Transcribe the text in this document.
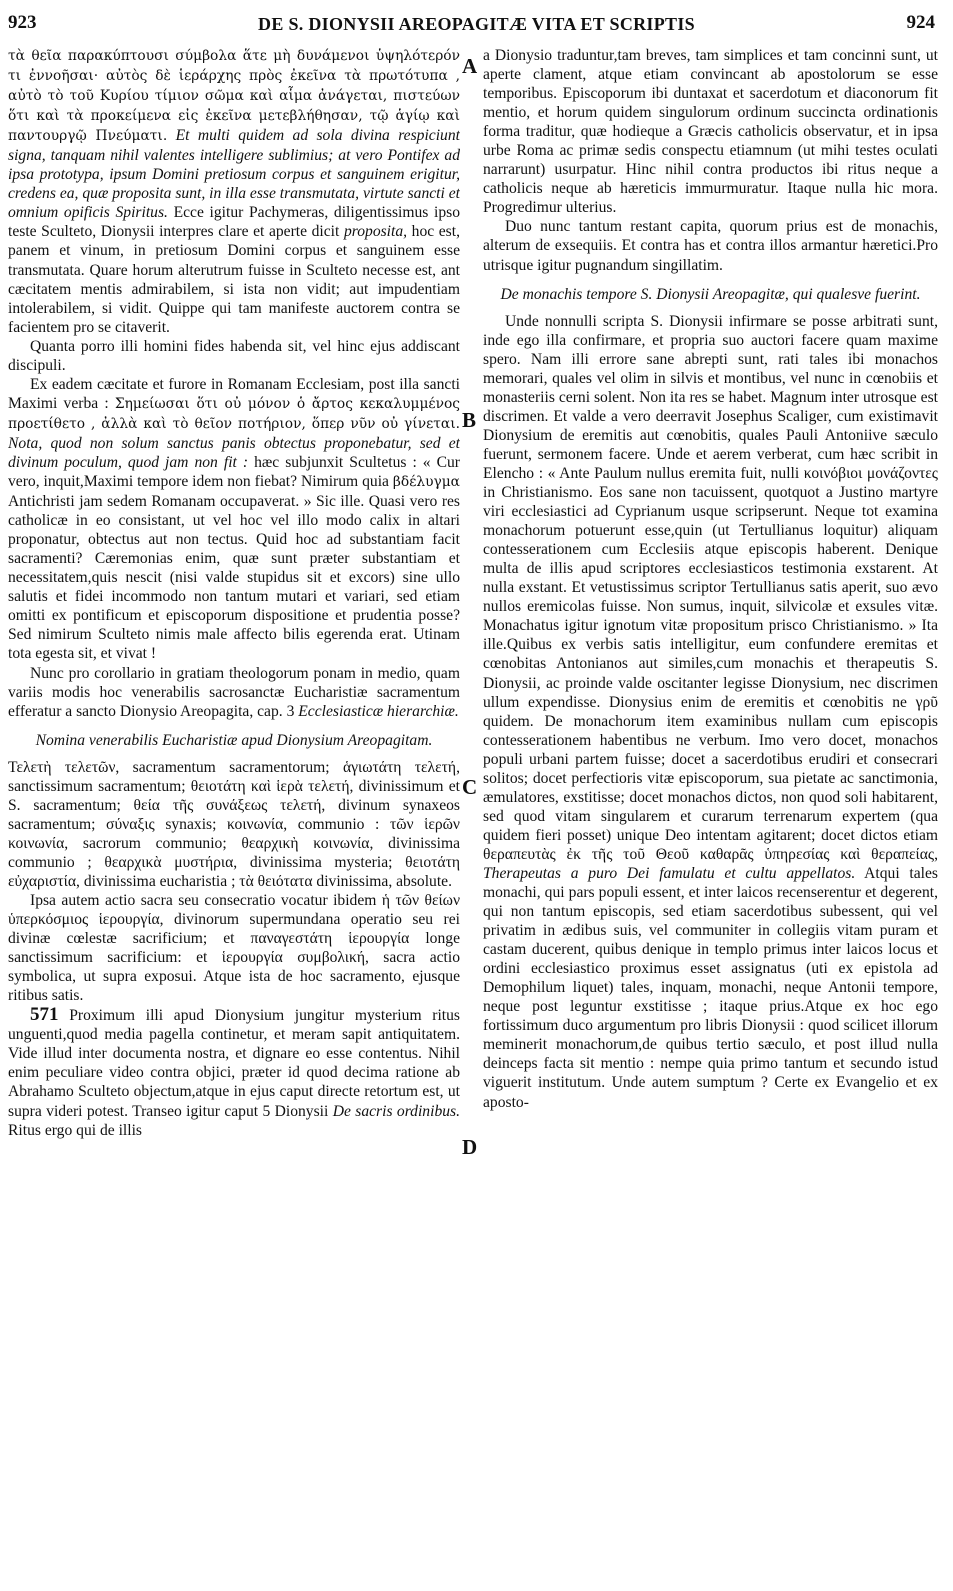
923	DE S. DIONYSII AREOPAGITÆ VITA ET SCRIPTIS	924

τὰ θεῖα παρακύπτουσι σύμβολα ἅτε μὴ δυνάμενοι ὑψηλότερόν τι ἐννοῆσαι· αὐτὸς δὲ ἱεράρχης πρὸς ἐκεῖνα τὰ πρωτότυπα , αὐτὸ τὸ τοῦ Κυρίου τίμιον σῶμα καὶ αἷμα ἀνάγεται, πιστεύων ὅτι καὶ τὰ προκείμενα εἰς ἐκεῖνα μετεβλήθησαν, τῷ ἁγίῳ καὶ παντουργῷ Πνεύματι. Et multi quidem ad sola divina respiciunt signa, tanquam nihil valentes intelligere sublimius; at vero Pontifex ad ipsa prototypa, ipsum Domini pretiosum corpus et sanguinem erigitur, credens ea, quæ proposita sunt, in illa esse transmutata, virtute sancti et omnium opificis Spiritus. Ecce igitur Pachymeras, diligentissimus ipso teste Sculteto, Dionysii interpres clare et aperte dicit proposita, hoc est, panem et vinum, in pretiosum Domini corpus et sanguinem esse transmutata. Quare horum alterutrum fuisse in Sculteto necesse est, ant cæcitatem mentis admirabilem, si ista non vidit; aut impudentiam intolerabilem, si vidit. Quippe qui tam manifeste auctorem contra se facientem pro se citaverit.

Quanta porro illi homini fides habenda sit, vel hinc ejus addiscant discipuli.

Ex eadem cæcitate et furore in Romanam Ecclesiam, post illa sancti Maximi verba : Σημείωσαι ὅτι οὐ μόνον ὁ ἄρτος κεκαλυμμένος προετίθετο , ἀλλὰ καὶ τὸ θεῖον ποτήριον, ὅπερ νῦν οὐ γίνεται. Nota, quod non solum sanctus panis obtectus proponebatur, sed et divinum poculum, quod jam non fit : hæc subjunxit Scultetus : « Cur vero, inquit,Maximi tempore idem non fiebat? Nimirum quia βδέλυγμα Antichristi jam sedem Romanam occupaverat. » Sic ille. Quasi vero res catholicæ in eo consistant, ut vel hoc vel illo modo calix in altari proponatur, obtectus aut non tectus. Quid hoc ad substantiam facit sacramenti? Cæremonias enim, quæ sunt præter substantiam et necessitatem,quis nescit (nisi valde stupidus sit et excors) sine ullo salutis et fidei incommodo non tantum mutari et variari, sed etiam omitti ex pontificum et episcoporum dispositione et prudentia posse? Sed nimirum Sculteto nimis male affecto bilis egerenda erat. Utinam tota egesta sit, et vivat !

Nunc pro corollario in gratiam theologorum ponam in medio, quam variis modis hoc venerabilis sacrosanctæ Eucharistiæ sacramentum efferatur a sancto Dionysio Areopagita, cap. 3 Ecclesiasticæ hierarchiæ.

Nomina venerabilis Eucharistiæ apud Dionysium Areopagitam.

Τελετὴ τελετῶν, sacramentum sacramentorum; ἁγιωτάτη τελετή, sanctissimum sacramentum; θειοτάτη καὶ ἱερὰ τελετή, divinissimum et S. sacramentum; θεία τῆς συνάξεως τελετή, divinum synaxeos sacramentum; σύναξις synaxis; κοινωνία, communio : τῶν ἱερῶν κοινωνία, sacrorum communio; θεαρχικὴ κοινωνία, divinissima communio ; θεαρχικὰ μυστήρια, divinissima mysteria; θειοτάτη εὐχαριστία, divinissima eucharistia ; τὰ θειότατα divinissima, absolute.

Ipsa autem actio sacra seu consecratio vocatur ibidem ἡ τῶν θείων ὑπερκόσμιος ἱερουργία, divinorum supermundana operatio seu rei divinæ cœlestæ sacrificium; et παναγεστάτη ἱερουργία longe sanctissimum sacrificium: et ἱερουργία συμβολική, sacra actio symbolica, ut supra exposui. Atque ista de hoc sacramento, ejusque ritibus satis.

571 Proximum illi apud Dionysium jungitur mysterium ritus unguenti,quod media pagella continetur, et meram sapit antiquitatem. Vide illud inter documenta nostra, et dignare eo esse contentus. Nihil enim peculiare video contra objici, præter id quod decima ratione ab Abrahamo Sculteto objectum,atque in ejus caput directe retortum est, ut supra videri potest. Transeo igitur caput 5 Dionysii De sacris ordinibus. Ritus ergo qui de illis

A
B
C
D

a Dionysio traduntur,tam breves, tam simplices et tam concinni sunt, ut aperte clament, atque etiam convincant ab apostolorum se esse temporibus. Episcoporum ibi duntaxat et sacerdotum et diaconorum fit mentio, et horum quidem singulorum ordinum succincta ordinationis forma traditur, quæ hodieque a Græcis catholicis observatur, et in ipsa urbe Roma ac primæ sedis conspectu etiamnum (ut mihi testes oculati narrarunt) usurpatur. Hinc nihil contra productos ibi ritus neque a catholicis neque ab hæreticis immurmuratur. Itaque nulla hic mora. Progredimur ulterius.

Duo nunc tantum restant capita, quorum prius est de monachis, alterum de exsequiis. Et contra has et contra illos armantur hæretici.Pro utrisque igitur pugnandum singillatim.

De monachis tempore S. Dionysii Areopagitæ, qui qualesve fuerint.

Unde nonnulli scripta S. Dionysii infirmare se posse arbitrati sunt, inde ego illa confirmare, et propria suo auctori facere quam maxime spero. Nam illi errore sane abrepti sunt, rati tales ibi monachos memorari, quales vel olim in silvis et montibus, vel nunc in cœnobiis et monasteriis cerni solent. Non ita res se habet. Magnum inter utrosque est discrimen. Et valde a vero deerravit Josephus Scaliger, cum existimavit Dionysium de eremitis aut cœnobitis, quales Pauli Antoniive sæculo fuerunt, sermonem facere. Unde et aerem verberat, cum hæc scribit in Elencho : « Ante Paulum nullus eremita fuit, nulli κοινόβιοι μονάζοντες in Christianismo. Eos sane non tacuissent, quotquot a Justino martyre viri ecclesiastici ad Cyprianum usque scripserunt. Neque tot examina monachorum potuerunt esse,quin (ut Tertullianus loquitur) aliquam contesserationem cum Ecclesiis atque episcopis haberent. Denique multa de illis apud scriptores ecclesiasticos testimonia exstarent. At nulla exstant. Et vetustissimus scriptor Tertullianus satis aperit, suo ævo nullos eremicolas fuisse. Non sumus, inquit, silvicolæ et exsules vitæ. Monachatus igitur ignotum vitæ propositum prisco Christianismo. » Ita ille.Quibus ex verbis satis intelligitur, eum confundere eremitas et cœnobitas Antonianos aut similes,cum monachis et therapeutis S. Dionysii, ac proinde valde oscitanter legisse Dionysium, nec discrimen ullum expendisse. Dionysius enim de eremitis et cœnobitis ne γρῦ quidem. De monachorum item examinibus nullam cum episcopis contesserationem habentibus ne verbum. Imo vero docet, monachos populi urbani partem fuisse; docet a sacerdotibus erudiri et consecrari solitos; docet perfectioris vitæ episcoporum, sua pietate ac sanctimonia, æmulatores, exstitisse; docet monachos dictos, non quod soli habitarent, sed quod vitam singularem et curarum terrenarum expertem (qua quidem fieri posset) unique Deo intentam agitarent; docet dictos etiam θεραπευτὰς ἐκ τῆς τοῦ Θεοῦ καθαρᾶς ὑπηρεσίας καὶ θεραπείας, Therapeutas a puro Dei famulatu et cultu appellatos. Atqui tales monachi, qui pars populi essent, et inter laicos recenserentur et degerent, qui non tantum episcopis, sed etiam sacerdotibus subessent, qui vel privatim in ædibus suis, vel communiter in collegiis vitam puram et castam ducerent, quibus denique in templo primus inter laicos locus et ordini ecclesiastico proximus esset assignatus (uti ex epistola ad Demophilum liquet) tales, inquam, monachi, neque Antonii tempore, neque post leguntur exstitisse ; itaque prius.Atque ex hoc ego fortissimum duco argumentum pro libris Dionysii : quod scilicet illorum meminerit monachorum,de quibus tertio sæculo, et post illud nulla deinceps facta sit mentio : nempe quia primo tantum et secundo istud viguerit institutum. Unde autem sumptum ? Certe ex Evangelio et ex aposto-
